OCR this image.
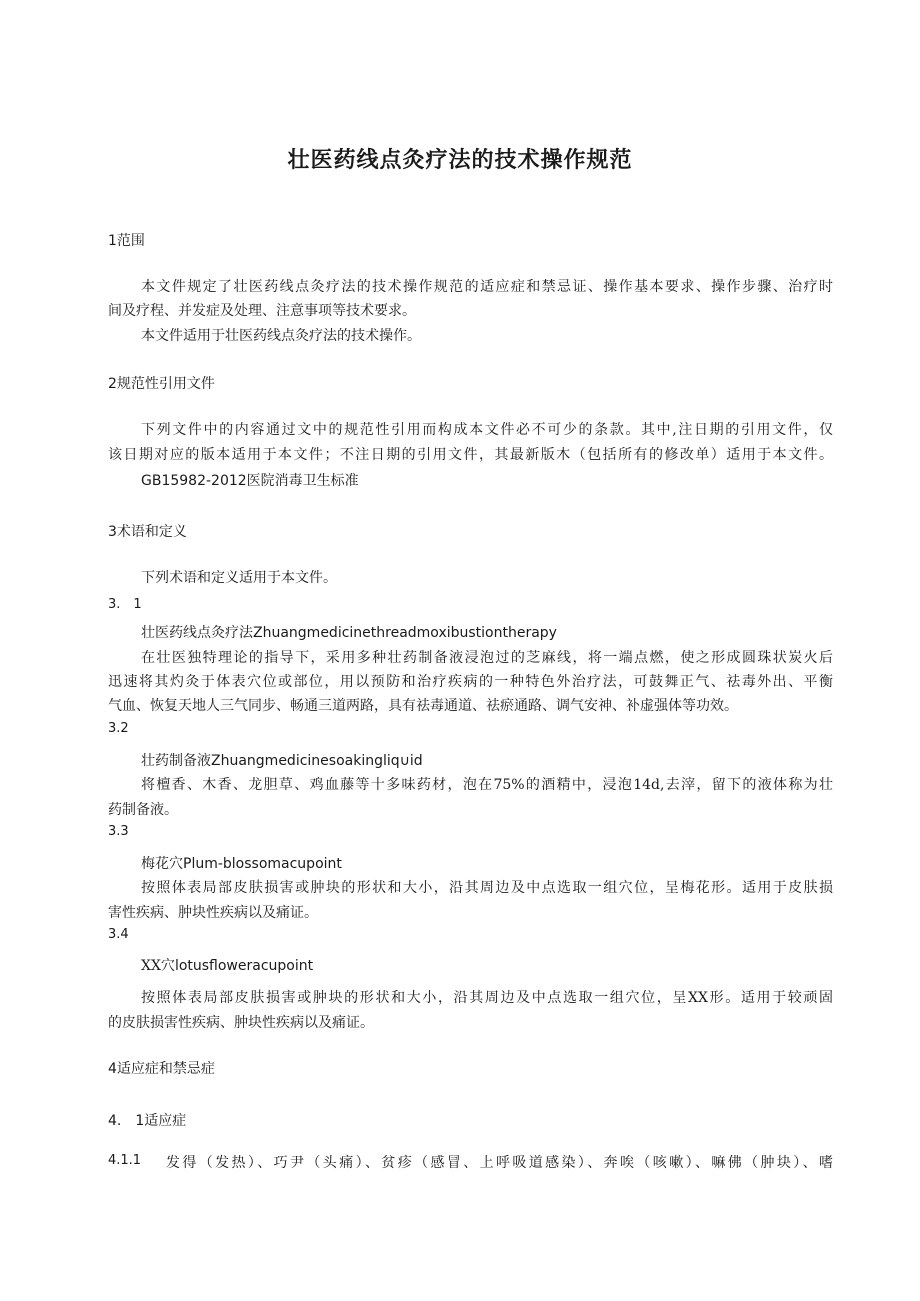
壮医药线点灸疗法的技术操作规范
1范围
本文件规定了壮医药线点灸疗法的技术操作规范的适应症和禁忌证、操作基本要求、操作步骤、治疗时
间及疗程、并发症及处理、注意事项等技术要求。
本文件适用于壮医药线点灸疗法的技术操作。
2规范性引用文件
下列文件中的内容通过文中的规范性引用而构成本文件必不可少的条款。其中,注日期的引用文件，仅
该日期对应的版本适用于本文件；不注日期的引用文件，其最新版木（包括所有的修改单）适用于本文件。
GB15982-2012医院消毒卫生标准
3术语和定义
下列术语和定义适用于本文件。
3.　1
壮医药线点灸疗法Zhuangmedicinethreadmoxibustiontherapy
在壮医独特理论的指导下，采用多种壮药制备液浸泡过的芝麻线，将一端点燃，使之形成圆珠状炭火后
迅速将其灼灸于体表穴位或部位，用以预防和治疗疾病的一种特色外治疗法，可鼓舞正气、祛毒外出、平衡
气血、恢复天地人三气同步、畅通三道两路，具有祛毒通道、祛瘀通路、调气安神、补虚强体等功效。
3.2
壮药制备液Zhuangmedicinesoakingliq∪id
将檀香、木香、龙胆草、鸡血藤等十多味药材，泡在75%的酒精中，浸泡14d,去滓，留下的液体称为壮
药制备液。
3.3
梅花穴Plum-blossomacupoint
按照体表局部皮肤损害或肿块的形状和大小，沿其周边及中点选取一组穴位，呈梅花形。适用于皮肤损
害性疾病、肿块性疾病以及痛证。
3.4
XX穴lotusfloweracupoint
按照体表局部皮肤损害或肿块的形状和大小，沿其周边及中点选取一组穴位，呈XX形。适用于较顽固
的皮肤损害性疾病、肿块性疾病以及痛证。
4适应症和禁忌症
4.　1适应症
4.1.1 发得（发热）、巧尹（头痛）、贫疹（感冒、上呼吸道感染）、奔唉（咳嗽）、嘛佛（肿块）、嗜
